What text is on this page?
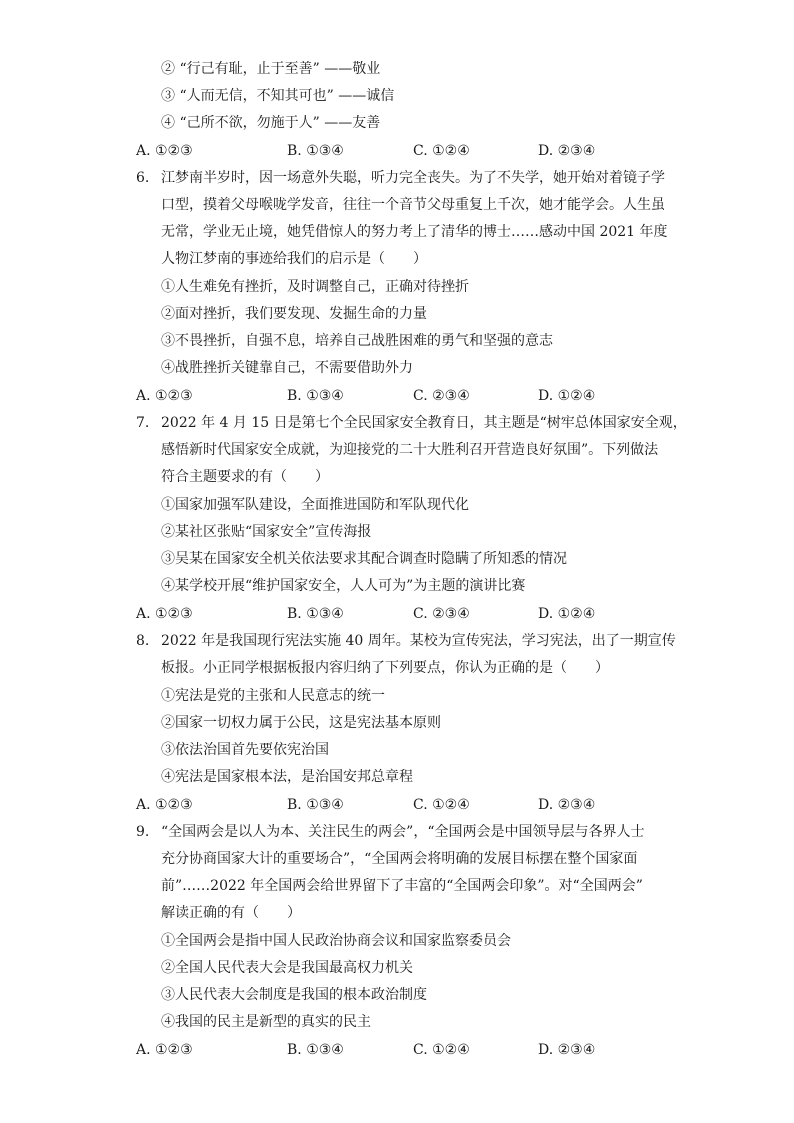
② “行己有耻，止于至善” ——敬业
③ “人而无信，不知其可也” ——诚信
④ “己所不欲，勿施于人” ——友善
A. ①②③	B. ①③④	C. ①②④	D. ②③④
6. 江梦南半岁时，因一场意外失聪，听力完全丧失。为了不失学，她开始对着镜子学
口型，摸着父母喉咙学发音，往往一个音节父母重复上千次，她才能学会。人生虽
无常，学业无止境，她凭借惊人的努力考上了清华的博士……感动中国 2021 年度
人物江梦南的事迹给我们的启示是（　　）
①人生难免有挫折，及时调整自己，正确对待挫折
②面对挫折，我们要发现、发掘生命的力量
③不畏挫折，自强不息，培养自己战胜困难的勇气和坚强的意志
④战胜挫折关键靠自己，不需要借助外力
A. ①②③	B. ①③④	C. ②③④	D. ①②④
7. 2022 年 4 月 15 日是第七个全民国家安全教育日，其主题是“树牢总体国家安全观，
感悟新时代国家安全成就，为迎接党的二十大胜利召开营造良好氛围”。下列做法
符合主题要求的有（　　）
①国家加强军队建设，全面推进国防和军队现代化
②某社区张贴“国家安全”宣传海报
③吴某在国家安全机关依法要求其配合调查时隐瞒了所知悉的情况
④某学校开展“维护国家安全，人人可为”为主题的演讲比赛
A. ①②③	B. ①③④	C. ②③④	D. ①②④
8. 2022 年是我国现行宪法实施 40 周年。某校为宣传宪法，学习宪法，出了一期宣传
板报。小正同学根据板报内容归纳了下列要点，你认为正确的是（　　）
①宪法是党的主张和人民意志的统一
②国家一切权力属于公民，这是宪法基本原则
③依法治国首先要依宪治国
④宪法是国家根本法，是治国安邦总章程
A. ①②③	B. ①③④	C. ①②④	D. ②③④
9. “全国两会是以人为本、关注民生的两会”，“全国两会是中国领导层与各界人士
充分协商国家大计的重要场合”，“全国两会将明确的发展目标摆在整个国家面
前”……2022 年全国两会给世界留下了丰富的“全国两会印象”。对“全国两会”
解读正确的有（　　）
①全国两会是指中国人民政治协商会议和国家监察委员会
②全国人民代表大会是我国最高权力机关
③人民代表大会制度是我国的根本政治制度
④我国的民主是新型的真实的民主
A. ①②③	B. ①③④	C. ①②④	D. ②③④
